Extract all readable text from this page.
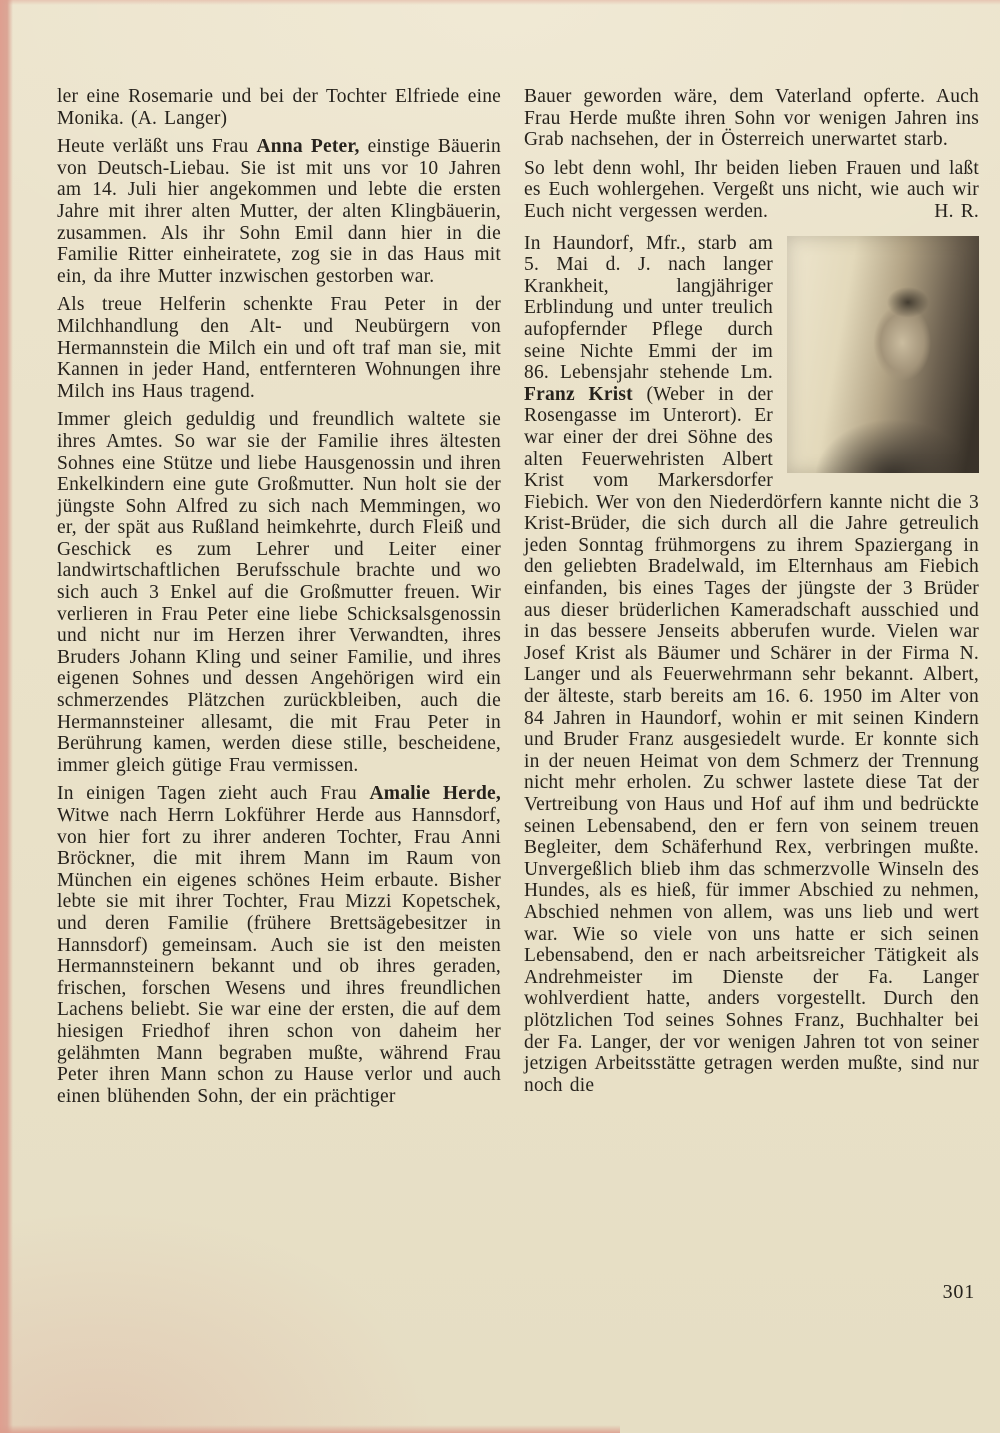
ler eine Rosemarie und bei der Tochter Elfriede eine Monika. (A. Langer)

Heute verläßt uns Frau Anna Peter, einstige Bäuerin von Deutsch-Liebau. Sie ist mit uns vor 10 Jahren am 14. Juli hier angekommen und lebte die ersten Jahre mit ihrer alten Mutter, der alten Klingbäuerin, zusammen. Als ihr Sohn Emil dann hier in die Familie Ritter einheiratete, zog sie in das Haus mit ein, da ihre Mutter inzwischen gestorben war.

Als treue Helferin schenkte Frau Peter in der Milchhandlung den Alt- und Neubürgern von Hermannstein die Milch ein und oft traf man sie, mit Kannen in jeder Hand, entfernteren Wohnungen ihre Milch ins Haus tragend.

Immer gleich geduldig und freundlich waltete sie ihres Amtes. So war sie der Familie ihres ältesten Sohnes eine Stütze und liebe Hausgenossin und ihren Enkelkindern eine gute Großmutter. Nun holt sie der jüngste Sohn Alfred zu sich nach Memmingen, wo er, der spät aus Rußland heimkehrte, durch Fleiß und Geschick es zum Lehrer und Leiter einer landwirtschaftlichen Berufsschule brachte und wo sich auch 3 Enkel auf die Großmutter freuen. Wir verlieren in Frau Peter eine liebe Schicksalsgenossin und nicht nur im Herzen ihrer Verwandten, ihres Bruders Johann Kling und seiner Familie, und ihres eigenen Sohnes und dessen Angehörigen wird ein schmerzendes Plätzchen zurückbleiben, auch die Hermannsteiner allesamt, die mit Frau Peter in Berührung kamen, werden diese stille, bescheidene, immer gleich gütige Frau vermissen.

In einigen Tagen zieht auch Frau Amalie Herde, Witwe nach Herrn Lokführer Herde aus Hannsdorf, von hier fort zu ihrer anderen Tochter, Frau Anni Bröckner, die mit ihrem Mann im Raum von München ein eigenes schönes Heim erbaute. Bisher lebte sie mit ihrer Tochter, Frau Mizzi Kopetschek, und deren Familie (frühere Brettsägebesitzer in Hannsdorf) gemeinsam. Auch sie ist den meisten Hermannsteinern bekannt und ob ihres geraden, frischen, forschen Wesens und ihres freundlichen Lachens beliebt. Sie war eine der ersten, die auf dem hiesigen Friedhof ihren schon von daheim her gelähmten Mann begraben mußte, während Frau Peter ihren Mann schon zu Hause verlor und auch einen blühenden Sohn, der ein prächtiger

Bauer geworden wäre, dem Vaterland opferte. Auch Frau Herde mußte ihren Sohn vor wenigen Jahren ins Grab nachsehen, der in Österreich unerwartet starb.

So lebt denn wohl, Ihr beiden lieben Frauen und laßt es Euch wohlergehen. Vergeßt uns nicht, wie auch wir Euch nicht vergessen werden.	H. R.

In Haundorf, Mfr., starb am 5. Mai d. J. nach langer Krankheit, langjähriger Erblindung und unter treulich aufopfernder Pflege durch seine Nichte Emmi der im 86. Lebensjahr stehende Lm. Franz Krist (Weber in der Rosengasse im Unterort). Er war einer der drei Söhne des alten Feuerwehristen Albert Krist vom Markersdorfer Fiebich. Wer von den Niederdörfern kannte nicht die 3 Krist-Brüder, die sich durch all die Jahre getreulich jeden Sonntag frühmorgens zu ihrem Spaziergang in den geliebten Bradelwald, im Elternhaus am Fiebich einfanden, bis eines Tages der jüngste der 3 Brüder aus dieser brüderlichen Kameradschaft ausschied und in das bessere Jenseits abberufen wurde. Vielen war Josef Krist als Bäumer und Schärer in der Firma N. Langer und als Feuerwehrmann sehr bekannt. Albert, der älteste, starb bereits am 16. 6. 1950 im Alter von 84 Jahren in Haundorf, wohin er mit seinen Kindern und Bruder Franz ausgesiedelt wurde. Er konnte sich in der neuen Heimat von dem Schmerz der Trennung nicht mehr erholen. Zu schwer lastete diese Tat der Vertreibung von Haus und Hof auf ihm und bedrückte seinen Lebensabend, den er fern von seinem treuen Begleiter, dem Schäferhund Rex, verbringen mußte. Unvergeßlich blieb ihm das schmerzvolle Winseln des Hundes, als es hieß, für immer Abschied zu nehmen, Abschied nehmen von allem, was uns lieb und wert war. Wie so viele von uns hatte er sich seinen Lebensabend, den er nach arbeitsreicher Tätigkeit als Andrehmeister im Dienste der Fa. Langer wohlverdient hatte, anders vorgestellt. Durch den plötzlichen Tod seines Sohnes Franz, Buchhalter bei der Fa. Langer, der vor wenigen Jahren tot von seiner jetzigen Arbeitsstätte getragen werden mußte, sind nur noch die

301
